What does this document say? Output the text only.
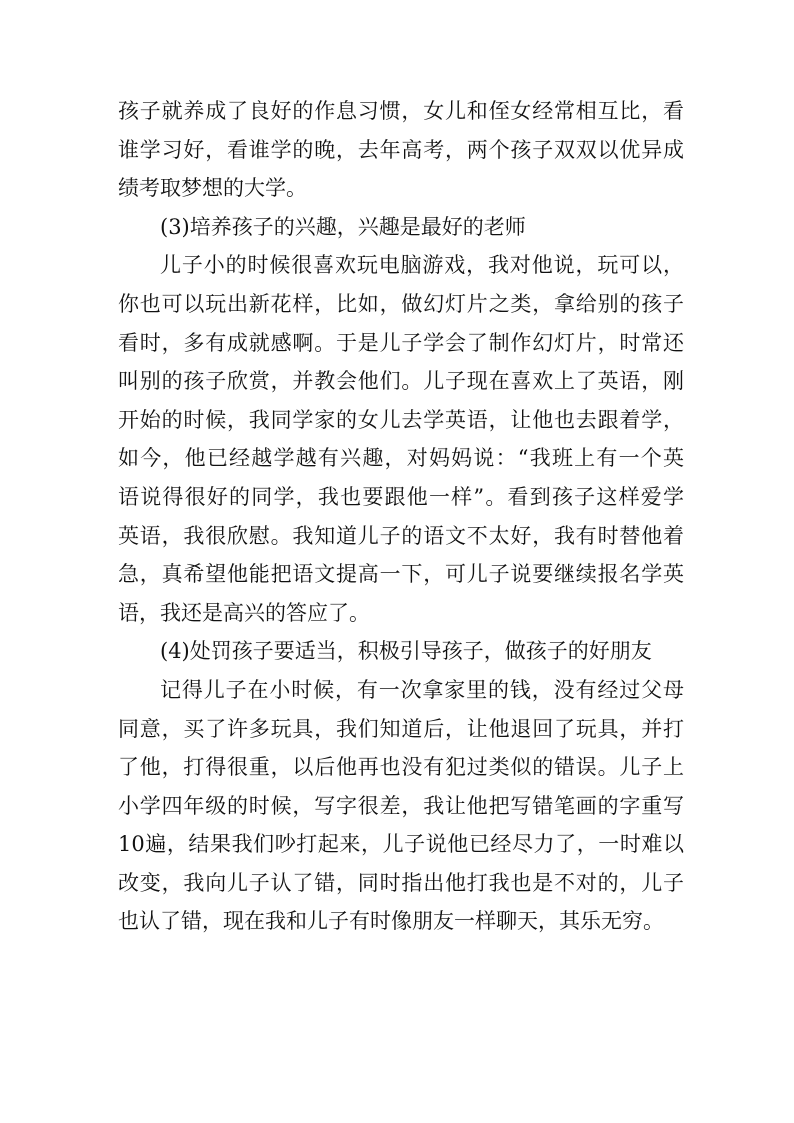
孩子就养成了良好的作息习惯，女儿和侄女经常相互比，看
谁学习好，看谁学的晚，去年高考，两个孩子双双以优异成
绩考取梦想的大学。

(3)培养孩子的兴趣，兴趣是最好的老师

儿子小的时候很喜欢玩电脑游戏，我对他说，玩可以，
你也可以玩出新花样，比如，做幻灯片之类，拿给别的孩子
看时，多有成就感啊。于是儿子学会了制作幻灯片，时常还
叫别的孩子欣赏，并教会他们。儿子现在喜欢上了英语，刚
开始的时候，我同学家的女儿去学英语，让他也去跟着学，
如今，他已经越学越有兴趣，对妈妈说：“我班上有一个英
语说得很好的同学，我也要跟他一样”。看到孩子这样爱学
英语，我很欣慰。我知道儿子的语文不太好，我有时替他着
急，真希望他能把语文提高一下，可儿子说要继续报名学英
语，我还是高兴的答应了。

(4)处罚孩子要适当，积极引导孩子，做孩子的好朋友

记得儿子在小时候，有一次拿家里的钱，没有经过父母
同意，买了许多玩具，我们知道后，让他退回了玩具，并打
了他，打得很重，以后他再也没有犯过类似的错误。儿子上
小学四年级的时候，写字很差，我让他把写错笔画的字重写
10遍，结果我们吵打起来，儿子说他已经尽力了，一时难以
改变，我向儿子认了错，同时指出他打我也是不对的，儿子
也认了错，现在我和儿子有时像朋友一样聊天，其乐无穷。
